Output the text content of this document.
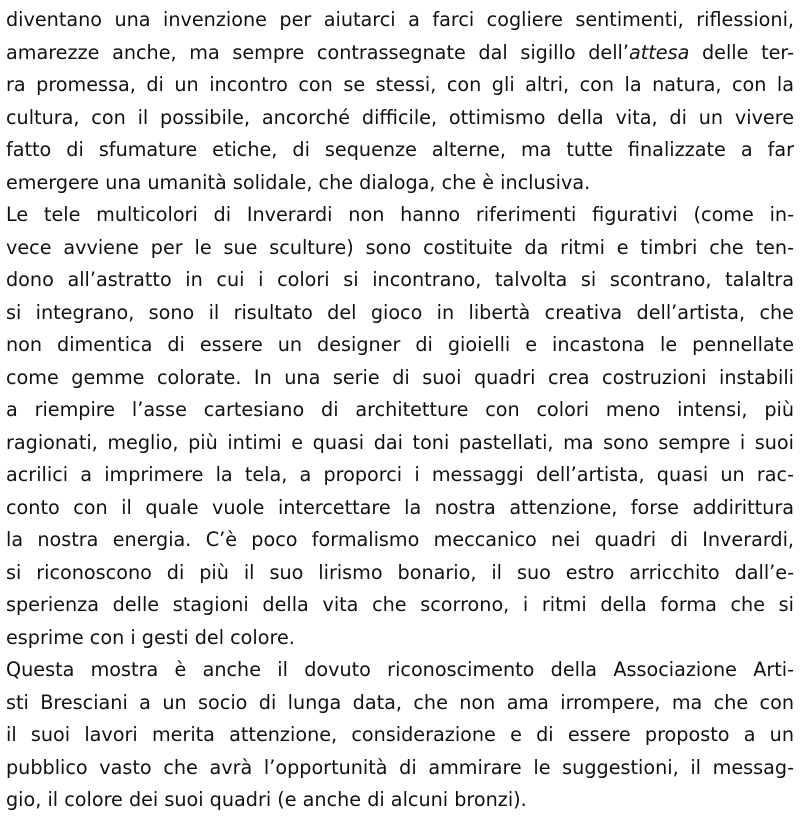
diventano una invenzione per aiutarci a farci cogliere sentimenti, riflessioni,
amarezze anche, ma sempre contrassegnate dal sigillo dell’attesa delle ter-
ra promessa, di un incontro con se stessi, con gli altri, con la natura, con la
cultura, con il possibile, ancorché difficile, ottimismo della vita, di un vivere
fatto di sfumature etiche, di sequenze alterne, ma tutte finalizzate a far
emergere una umanità solidale, che dialoga, che è inclusiva.
Le tele multicolori di Inverardi non hanno riferimenti figurativi (come in-
vece avviene per le sue sculture) sono costituite da ritmi e timbri che ten-
dono all’astratto in cui i colori si incontrano, talvolta si scontrano, talaltra
si integrano, sono il risultato del gioco in libertà creativa dell’artista, che
non dimentica di essere un designer di gioielli e incastona le pennellate
come gemme colorate. In una serie di suoi quadri crea costruzioni instabili
a riempire l’asse cartesiano di architetture con colori meno intensi, più
ragionati, meglio, più intimi e quasi dai toni pastellati, ma sono sempre i suoi
acrilici a imprimere la tela, a proporci i messaggi dell’artista, quasi un rac-
conto con il quale vuole intercettare la nostra attenzione, forse addirittura
la nostra energia. C’è poco formalismo meccanico nei quadri di Inverardi,
si riconoscono di più il suo lirismo bonario, il suo estro arricchito dall’e-
sperienza delle stagioni della vita che scorrono, i ritmi della forma che si
esprime con i gesti del colore.
Questa mostra è anche il dovuto riconoscimento della Associazione Arti-
sti Bresciani a un socio di lunga data, che non ama irrompere, ma che con
il suoi lavori merita attenzione, considerazione e di essere proposto a un
pubblico vasto che avrà l’opportunità di ammirare le suggestioni, il messag-
gio, il colore dei suoi quadri (e anche di alcuni bronzi).
